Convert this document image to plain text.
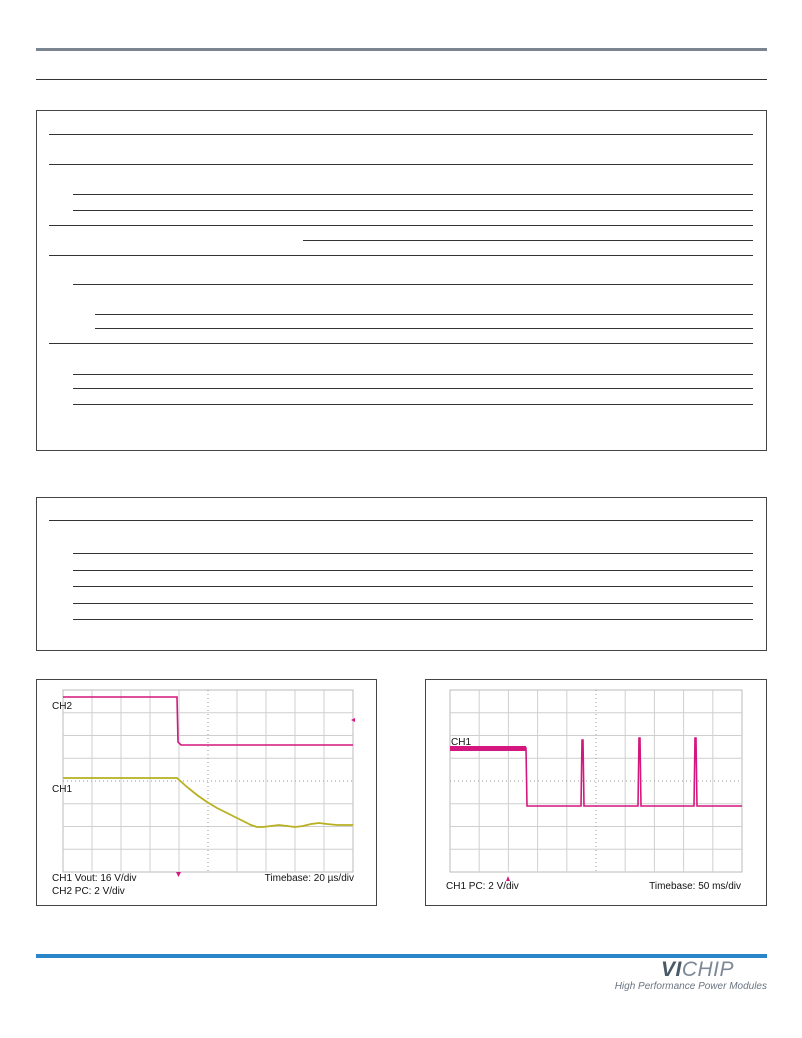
CH2
CH1
CH1 Vout: 16 V/div
CH2 PC: 2 V/div
Timebase: 20 µs/div
CH1
CH1 PC: 2 V/div	Timebase: 50 ms/div
VICHIP
High Performance Power Modules
